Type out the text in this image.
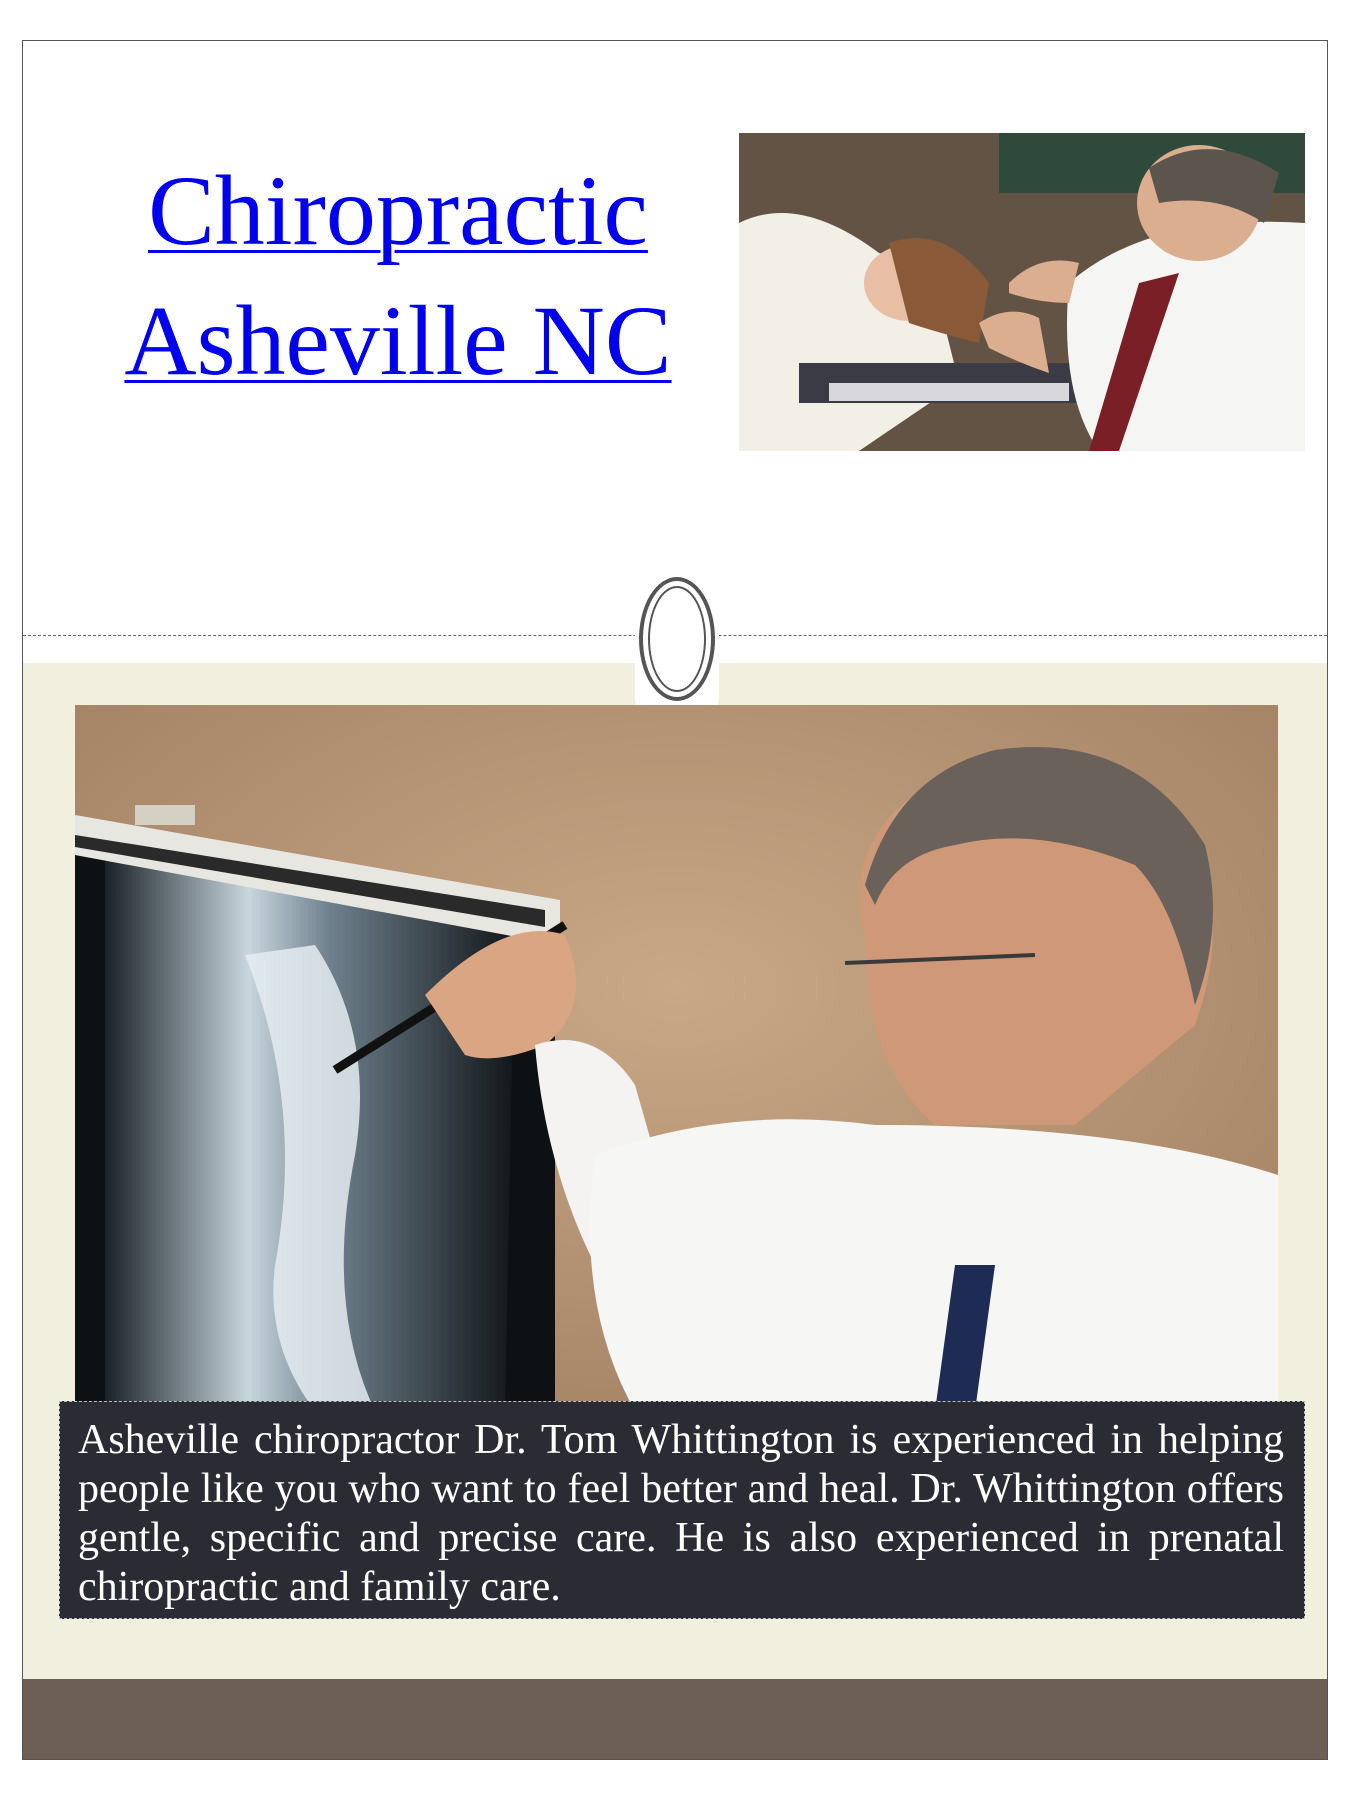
Chiropractic
Asheville NC

Asheville chiropractor Dr. Tom Whittington is experienced in helping people like you who want to feel better and heal. Dr. Whittington offers gentle, specific and precise care. He is also experienced in prenatal chiropractic and family care.
